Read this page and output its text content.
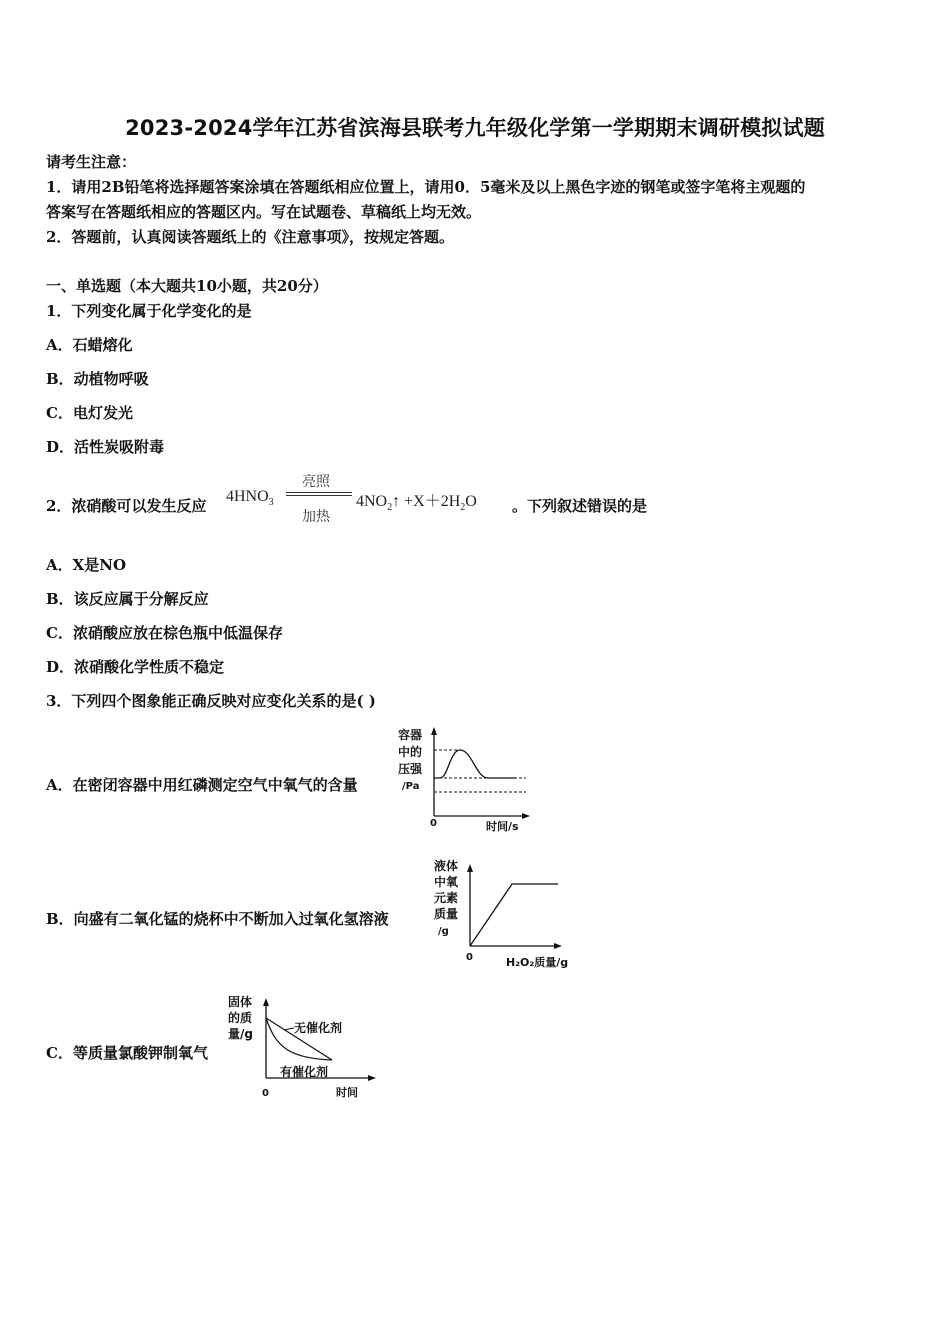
2023-2024学年江苏省滨海县联考九年级化学第一学期期末调研模拟试题
请考生注意：
1．请用2B铅笔将选择题答案涂填在答题纸相应位置上，请用0．5毫米及以上黑色字迹的钢笔或签字笔将主观题的
答案写在答题纸相应的答题区内。写在试题卷、草稿纸上均无效。
2．答题前，认真阅读答题纸上的《注意事项》，按规定答题。
一、单选题（本大题共10小题，共20分）
1．下列变化属于化学变化的是
A．石蜡熔化
B．动植物呼吸
C．电灯发光
D．活性炭吸附毒
2．浓硝酸可以发生反应
$4HNO_3$
亮照
加热
$4NO_2↑ +X+2H_2O$ 。下列叙述错误的是
A．X是NO
B．该反应属于分解反应
C．浓硝酸应放在棕色瓶中低温保存
D．浓硝酸化学性质不稳定
3．下列四个图象能正确反映对应变化关系的是( )
A．在密闭容器中用红磷测定空气中氧气的含量
容器
中的
压强
/Pa
0	时间/s
B．向盛有二氧化锰的烧杯中不断加入过氧化氢溶液
液体
中氧
元素
质量
/g
0	H₂O₂质量/g
C．等质量氯酸钾制氧气
固体
的质
量/g	无催化剂
有催化剂
0	时间
